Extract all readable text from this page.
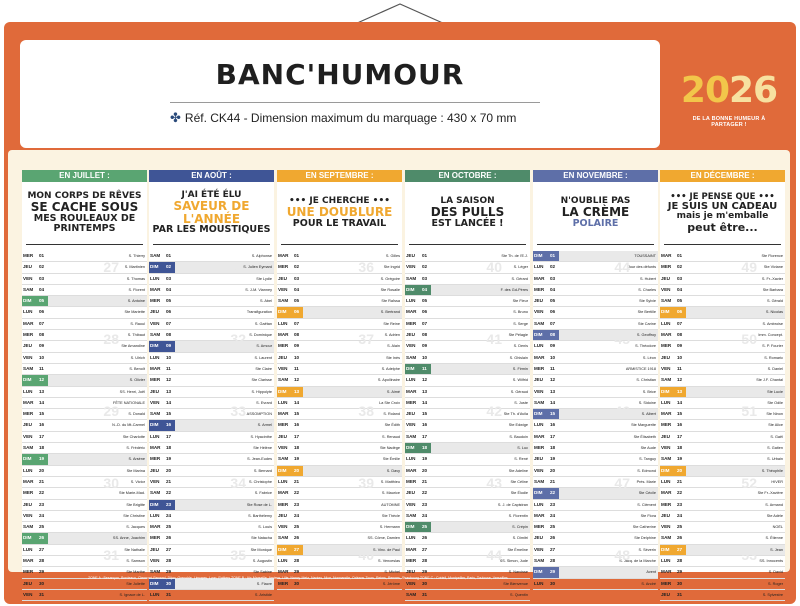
BANC'HUMOUR
✤ Réf. CK44 - Dimension maximum du marquage : 430 x 70 mm
2026
DE LA BONNE HUMEUR À PARTAGER !
EN JUILLET :
MON CORPS DE RÊVES
SE CACHE SOUS
MES ROULEAUX DE PRINTEMPS
MER	01	S. Thierry
JEU	02	S. Martinien
VEN	03	S. Thomas
SAM	04	S. Florent
DIM	05	S. Antoine
LUN	06	Ste Mariette
MAR	07	S. Raoul
MER	08	S. Thibaut
JEU	09	Ste Amandine
VEN	10	S. Ulrich
SAM	11	S. Benoît
DIM	12	S. Olivier
LUN	13	SS. Henri, Joël
MAR	14	FÊTE NATIONALE
MER	15	S. Donald
JEU	16	N.-D. du Mt-Carmel
VEN	17	Ste Charlotte
SAM	18	S. Frédéric
DIM	19	S. Arsène
LUN	20	Ste Marina
MAR	21	S. Victor
MER	22	Ste Marie-Mad.
JEU	23	Ste Brigitte
VEN	24	Ste Christine
SAM	25	S. Jacques
DIM	26	SS. Anne, Joachim
LUN	27	Ste Nathalie
MAR	28	S. Samson
MER	29	Ste Marthe
JEU	30	Ste Juliette
VEN	31	S. Ignace de L.
27
28
29
30
31
EN AOÛT :
J'AI ÉTÉ ÉLU
SAVEUR DE L'ANNÉE
PAR LES MOUSTIQUES
SAM	01	S. Alphonse
DIM	02	S. Julien Eymard
LUN	03	Ste Lydie
MAR	04	S. J-M. Vianney
MER	05	S. Abel
JEU	06	Transfiguration
VEN	07	S. Gaëtan
SAM	08	S. Dominique
DIM	09	S. Amour
LUN	10	S. Laurent
MAR	11	Ste Claire
MER	12	Ste Clarisse
JEU	13	S. Hippolyte
VEN	14	S. Evrard
SAM	15	ASSOMPTION
DIM	16	S. Armel
LUN	17	S. Hyacinthe
MAR	18	Ste Hélène
MER	19	S. Jean-Eudes
JEU	20	S. Bernard
VEN	21	S. Christophe
SAM	22	S. Fabrice
DIM	23	Ste Rose de L.
LUN	24	S. Barthélemy
MAR	25	S. Louis
MER	26	Ste Natacha
JEU	27	Ste Monique
VEN	28	S. Augustin
SAM	29	Ste Sabine
DIM	30	S. Fiacre
LUN	31	S. Aristide
31
32
33
34
35
EN SEPTEMBRE :
••• JE CHERCHE •••
UNE DOUBLURE
POUR LE TRAVAIL
MAR	01	S. Gilles
MER	02	Ste Ingrid
JEU	03	S. Grégoire
VEN	04	Ste Rosalie
SAM	05	Ste Raïssa
DIM	06	S. Bertrand
LUN	07	Ste Reine
MAR	08	S. Adrien
MER	09	S. Alain
JEU	10	Ste Inès
VEN	11	S. Adelphe
SAM	12	S. Apollinaire
DIM	13	S. Aimé
LUN	14	La Ste Croix
MAR	15	S. Roland
MER	16	Ste Édith
JEU	17	S. Renaud
VEN	18	Ste Nadège
SAM	19	Ste Émilie
DIM	20	S. Davy
LUN	21	S. Matthieu
MAR	22	S. Maurice
MER	23	AUTOMNE
JEU	24	Ste Thècle
VEN	25	S. Hermann
SAM	26	SS. Côme, Damien
DIM	27	S. Vinc. de Paul
LUN	28	S. Venceslas
MAR	29	S. Michel
MER	30	S. Jérôme
36
37
38
39
40
EN OCTOBRE :
LA SAISON
DES PULLS
EST LANCÉE !
JEU	01	Ste Th. de l'E.J.
VEN	02	S. Léger
SAM	03	S. Gérard
DIM	04	F. des Gd-Pères
LUN	05	Ste Fleur
MAR	06	S. Bruno
MER	07	S. Serge
JEU	08	Ste Pélagie
VEN	09	S. Denis
SAM	10	S. Ghislain
DIM	11	S. Firmin
LUN	12	S. Wilfrid
MAR	13	S. Géraud
MER	14	S. Juste
JEU	15	Ste Th. d'Avila
VEN	16	Ste Edwige
SAM	17	S. Baudoin
DIM	18	S. Luc
LUN	19	S. René
MAR	20	Ste Adeline
MER	21	Ste Céline
JEU	22	Ste Élodie
VEN	23	S. J. de Capistran
SAM	24	S. Florentin
DIM	25	S. Crépin
LUN	26	S. Dimitri
MAR	27	Ste Émeline
MER	28	SS. Simon, Jude
JEU	29	S. Narcisse
VEN	30	Ste Bienvenue
SAM	31	S. Quentin
40
41
42
43
44
EN NOVEMBRE :
N'OUBLIE PAS
LA CRÈME
POLAIRE
DIM	01	TOUSSAINT
LUN	02	Jour des défunts
MAR	03	S. Hubert
MER	04	S. Charles
JEU	05	Ste Sylvie
VEN	06	Ste Bertille
SAM	07	Ste Carine
DIM	08	S. Geoffroy
LUN	09	S. Théodore
MAR	10	S. Léon
MER	11	ARMISTICE 1918
JEU	12	S. Christian
VEN	13	S. Brice
SAM	14	S. Sidoine
DIM	15	S. Albert
LUN	16	Ste Marguerite
MAR	17	Ste Élisabeth
MER	18	Ste Aude
JEU	19	S. Tanguy
VEN	20	S. Edmond
SAM	21	Prés. Marie
DIM	22	Ste Cécile
LUN	23	S. Clément
MAR	24	Ste Flora
MER	25	Ste Catherine
JEU	26	Ste Delphine
VEN	27	S. Séverin
SAM	28	S. Jacq. de la Marche
DIM	29	Avent
LUN	30	S. André
44
45
46
47
48
EN DÉCEMBRE :
••• JE PENSE QUE •••
JE SUIS UN CADEAU
mais je m'emballe
peut être...
MAR	01	Ste Florence
MER	02	Ste Viviane
JEU	03	S. Fr.-Xavier
VEN	04	Ste Barbara
SAM	05	S. Gérald
DIM	06	S. Nicolas
LUN	07	S. Ambroise
MAR	08	Imm. Concept.
MER	09	S. P. Fourier
JEU	10	S. Romaric
VEN	11	S. Daniel
SAM	12	Ste J.F. Chantal
DIM	13	Ste Lucie
LUN	14	Ste Odile
MAR	15	Ste Ninon
MER	16	Ste Alice
JEU	17	S. Gaël
VEN	18	S. Gatien
SAM	19	S. Urbain
DIM	20	S. Théophile
LUN	21	HIVER
MAR	22	Ste Fr.-Xavière
MER	23	S. Armand
JEU	24	Ste Adèle
VEN	25	NOËL
SAM	26	S. Étienne
DIM	27	S. Jean
LUN	28	SS. Innocents
MAR	29	S. David
MER	30	S. Roger
JEU	31	S. Sylvestre
49
50
51
52
53
ZONE A : Besançon, Bordeaux, Clermont-Ferrand, Dijon, Grenoble, Limoges, Lyon, Poitiers ZONE B : Aix-Marseille, Amiens, Lille, Nancy-Metz, Nantes, Nice, Normandie, Orléans-Tours, Reims, Rennes, Strasbourg ZONE C : Créteil, Montpellier, Paris, Toulouse, Versailles
